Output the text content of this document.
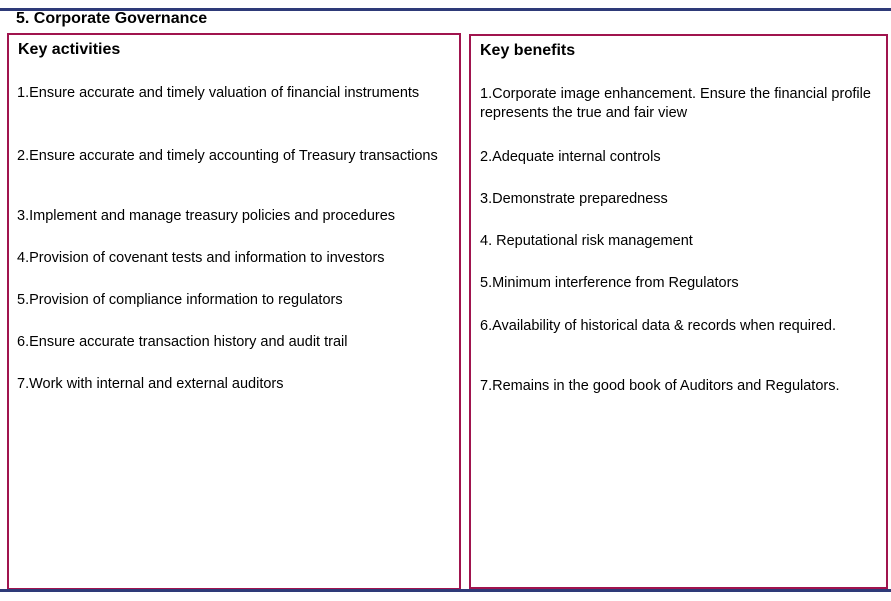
5. Corporate Governance
Key activities

1.Ensure accurate and timely valuation of financial instruments

2.Ensure accurate and timely accounting of Treasury transactions

3.Implement and manage treasury policies and procedures

4.Provision of covenant tests and information to investors

5.Provision of compliance information to regulators

6.Ensure accurate transaction history and audit trail

7.Work with internal and external auditors

Key benefits

1.Corporate image enhancement. Ensure the financial profile represents the true and fair view

2.Adequate internal controls

3.Demonstrate preparedness

4. Reputational risk management

5.Minimum interference from Regulators

6.Availability of historical data & records when required.

7.Remains in the good book of Auditors and Regulators.
